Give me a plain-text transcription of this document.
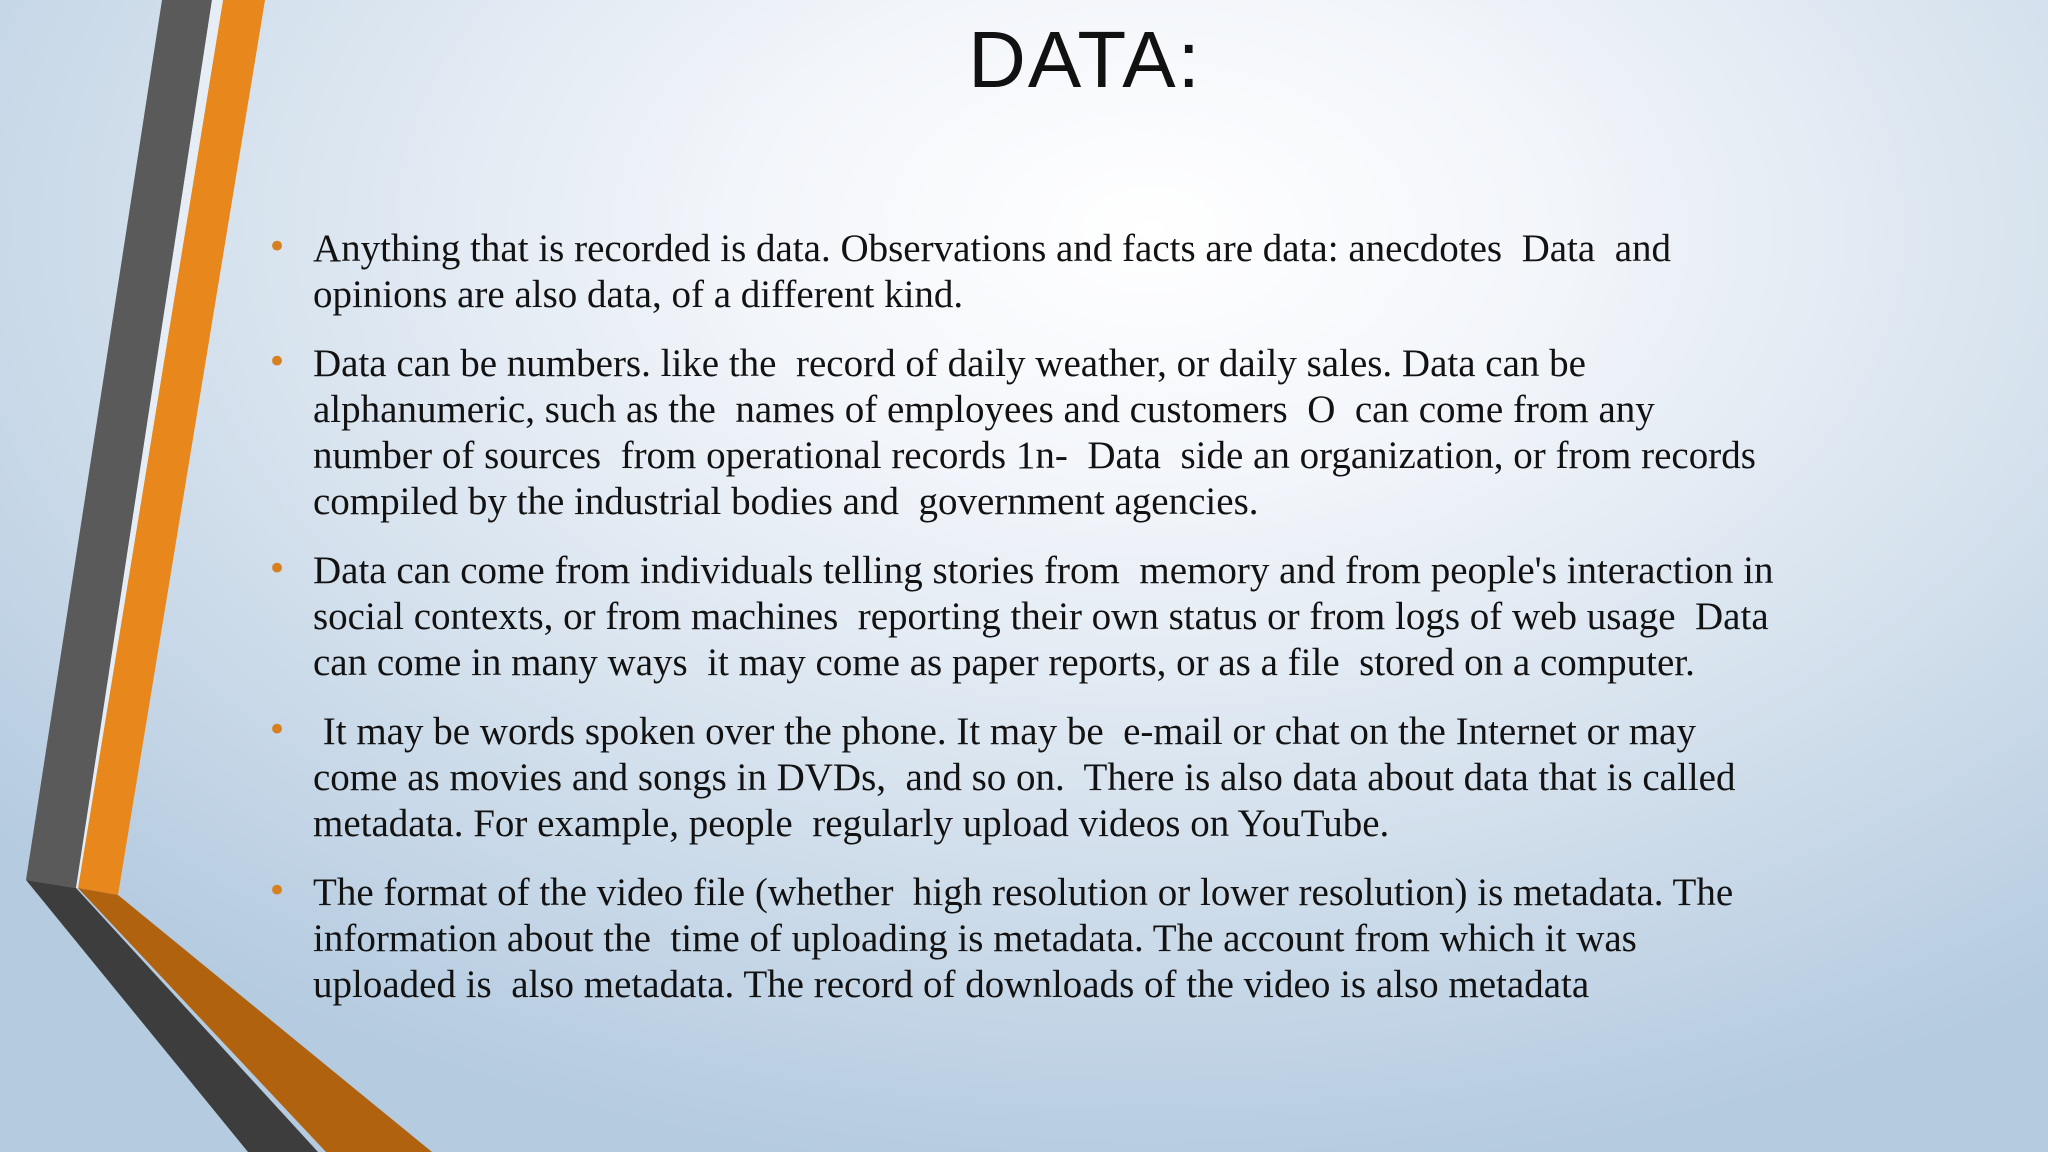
DATA:
• Anything that is recorded is data. Observations and facts are data: anecdotes  Data  and
opinions are also data, of a different kind.
• Data can be numbers. like the  record of daily weather, or daily sales. Data can be
alphanumeric, such as the  names of employees and customers  O  can come from any
number of sources  from operational records 1n-  Data  side an organization, or from records
compiled by the industrial bodies and  government agencies.
• Data can come from individuals telling stories from  memory and from people's interaction in
social contexts, or from machines  reporting their own status or from logs of web usage  Data
can come in many ways  it may come as paper reports, or as a file  stored on a computer.
• It may be words spoken over the phone. It may be  e-mail or chat on the Internet or may
come as movies and songs in DVDs,  and so on.  There is also data about data that is called
metadata. For example, people  regularly upload videos on YouTube.
• The format of the video file (whether  high resolution or lower resolution) is metadata. The
information about the  time of uploading is metadata. The account from which it was
uploaded is  also metadata. The record of downloads of the video is also metadata
